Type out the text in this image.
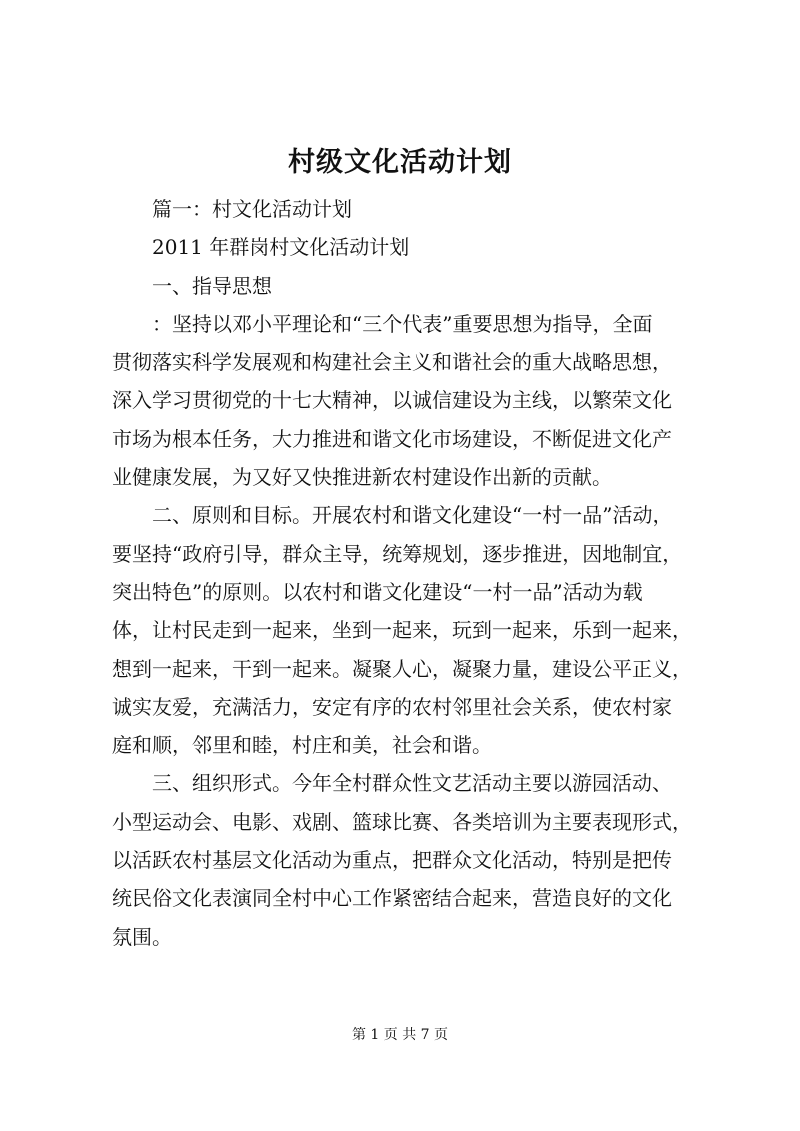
村级文化活动计划
篇一：村文化活动计划
2011 年群岗村文化活动计划
一、指导思想
：坚持以邓小平理论和“三个代表”重要思想为指导，全面
贯彻落实科学发展观和构建社会主义和谐社会的重大战略思想，
深入学习贯彻党的十七大精神，以诚信建设为主线，以繁荣文化
市场为根本任务，大力推进和谐文化市场建设，不断促进文化产
业健康发展，为又好又快推进新农村建设作出新的贡献。
二、原则和目标。开展农村和谐文化建设“一村一品”活动，
要坚持“政府引导，群众主导，统筹规划，逐步推进，因地制宜，
突出特色”的原则。以农村和谐文化建设“一村一品”活动为载
体，让村民走到一起来，坐到一起来，玩到一起来，乐到一起来，
想到一起来，干到一起来。凝聚人心，凝聚力量，建设公平正义，
诚实友爱，充满活力，安定有序的农村邻里社会关系，使农村家
庭和顺，邻里和睦，村庄和美，社会和谐。
三、组织形式。今年全村群众性文艺活动主要以游园活动、
小型运动会、电影、戏剧、篮球比赛、各类培训为主要表现形式，
以活跃农村基层文化活动为重点，把群众文化活动，特别是把传
统民俗文化表演同全村中心工作紧密结合起来，营造良好的文化
氛围。
第 1 页 共 7 页
